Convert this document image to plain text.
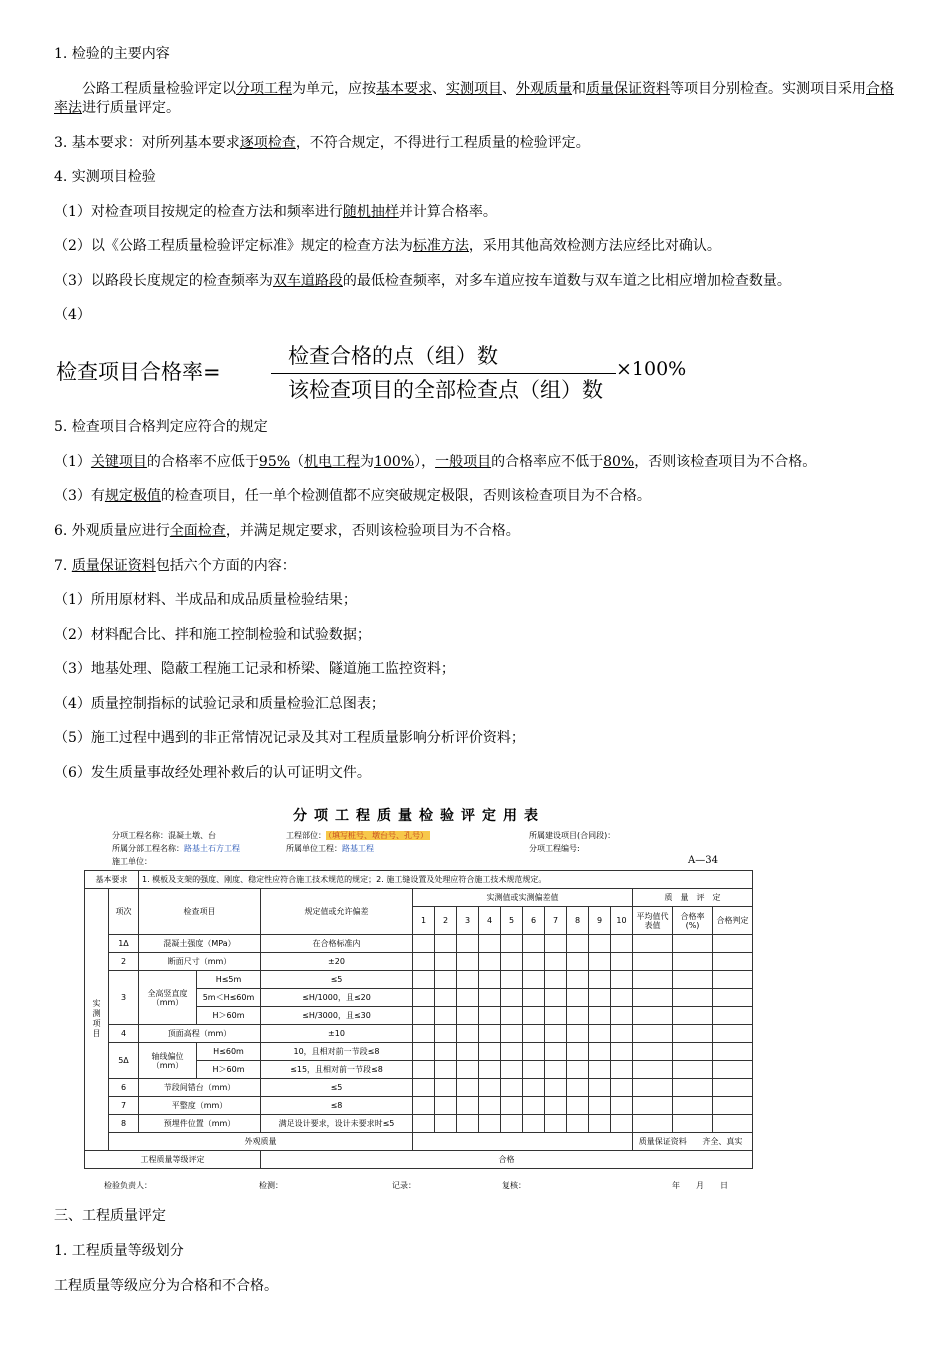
1. 检验的主要内容
公路工程质量检验评定以分项工程为单元，应按基本要求、实测项目、外观质量和质量保证资料等项目分别检查。实测项目采用合格率法进行质量评定。
3. 基本要求：对所列基本要求逐项检查，不符合规定，不得进行工程质量的检验评定。
4. 实测项目检验
（1）对检查项目按规定的检查方法和频率进行随机抽样并计算合格率。
（2）以《公路工程质量检验评定标准》规定的检查方法为标准方法，采用其他高效检测方法应经比对确认。
（3）以路段长度规定的检查频率为双车道路段的最低检查频率，对多车道应按车道数与双车道之比相应增加检查数量。
（4）
检查项目合格率=
检查合格的点（组）数
该检查项目的全部检查点（组）数
×100%
5. 检查项目合格判定应符合的规定
（1）关键项目的合格率不应低于95%（机电工程为100%），一般项目的合格率应不低于80%，否则该检查项目为不合格。
（3）有规定极值的检查项目，任一单个检测值都不应突破规定极限，否则该检查项目为不合格。
6. 外观质量应进行全面检查，并满足规定要求，否则该检验项目为不合格。
7. 质量保证资料包括六个方面的内容：
（1）所用原材料、半成品和成品质量检验结果；
（2）材料配合比、拌和施工控制检验和试验数据；
（3）地基处理、隐蔽工程施工记录和桥梁、隧道施工监控资料；
（4）质量控制指标的试验记录和质量检验汇总图表；
（5）施工过程中遇到的非正常情况记录及其对工程质量影响分析评价资料；
（6）发生质量事故经处理补救后的认可证明文件。
分项工程质量检验评定用表
分项工程名称：混凝土墩、台	工程部位： （填写桩号、墩台号、孔号）	所属建设项目(合同段)：
所属分部工程名称：路基土石方工程	所属单位工程：路基工程	分项工程编号:
施工单位：	A—34
基本要求		1. 模板及支架的强度、刚度、稳定性应符合施工技术规范的规定；2. 施工缝设置及处理应符合施工技术规范规定。															
实测项目	项次	检查项目		规定值或允许偏差	实测值或实测偏差值										质　量　评　定		
					1	2	3	4	5	6	7	8	9	10	平均值代表值	合格率(%)	合格判定
	1Δ	混凝土强度（MPa）		在合格标准内													
	2	断面尺寸（mm）		±20													
	3	全高竖直度（mm）	H≤5m	≤5													
			5m＜H≤60m	≤H/1000，且≤20													
			H＞60m	≤H/3000，且≤30													
	4	顶面高程（mm）		±10													
	5Δ	轴线偏位（mm）	H≤60m	10，且相对前一节段≤8													
			H＞60m	≤15，且相对前一节段≤8													
	6	节段间错台（mm）		≤5													
	7	平整度（mm）		≤8													
	8	预埋件位置（mm）		满足设计要求，设计未要求时≤5													
	外观质量														质量保证资料 齐全、真实		

工程质量等级评定				合格													
检验负责人：	检测：	记录：	复核：	年　　月　　日
三、工程质量评定
1. 工程质量等级划分
工程质量等级应分为合格和不合格。
